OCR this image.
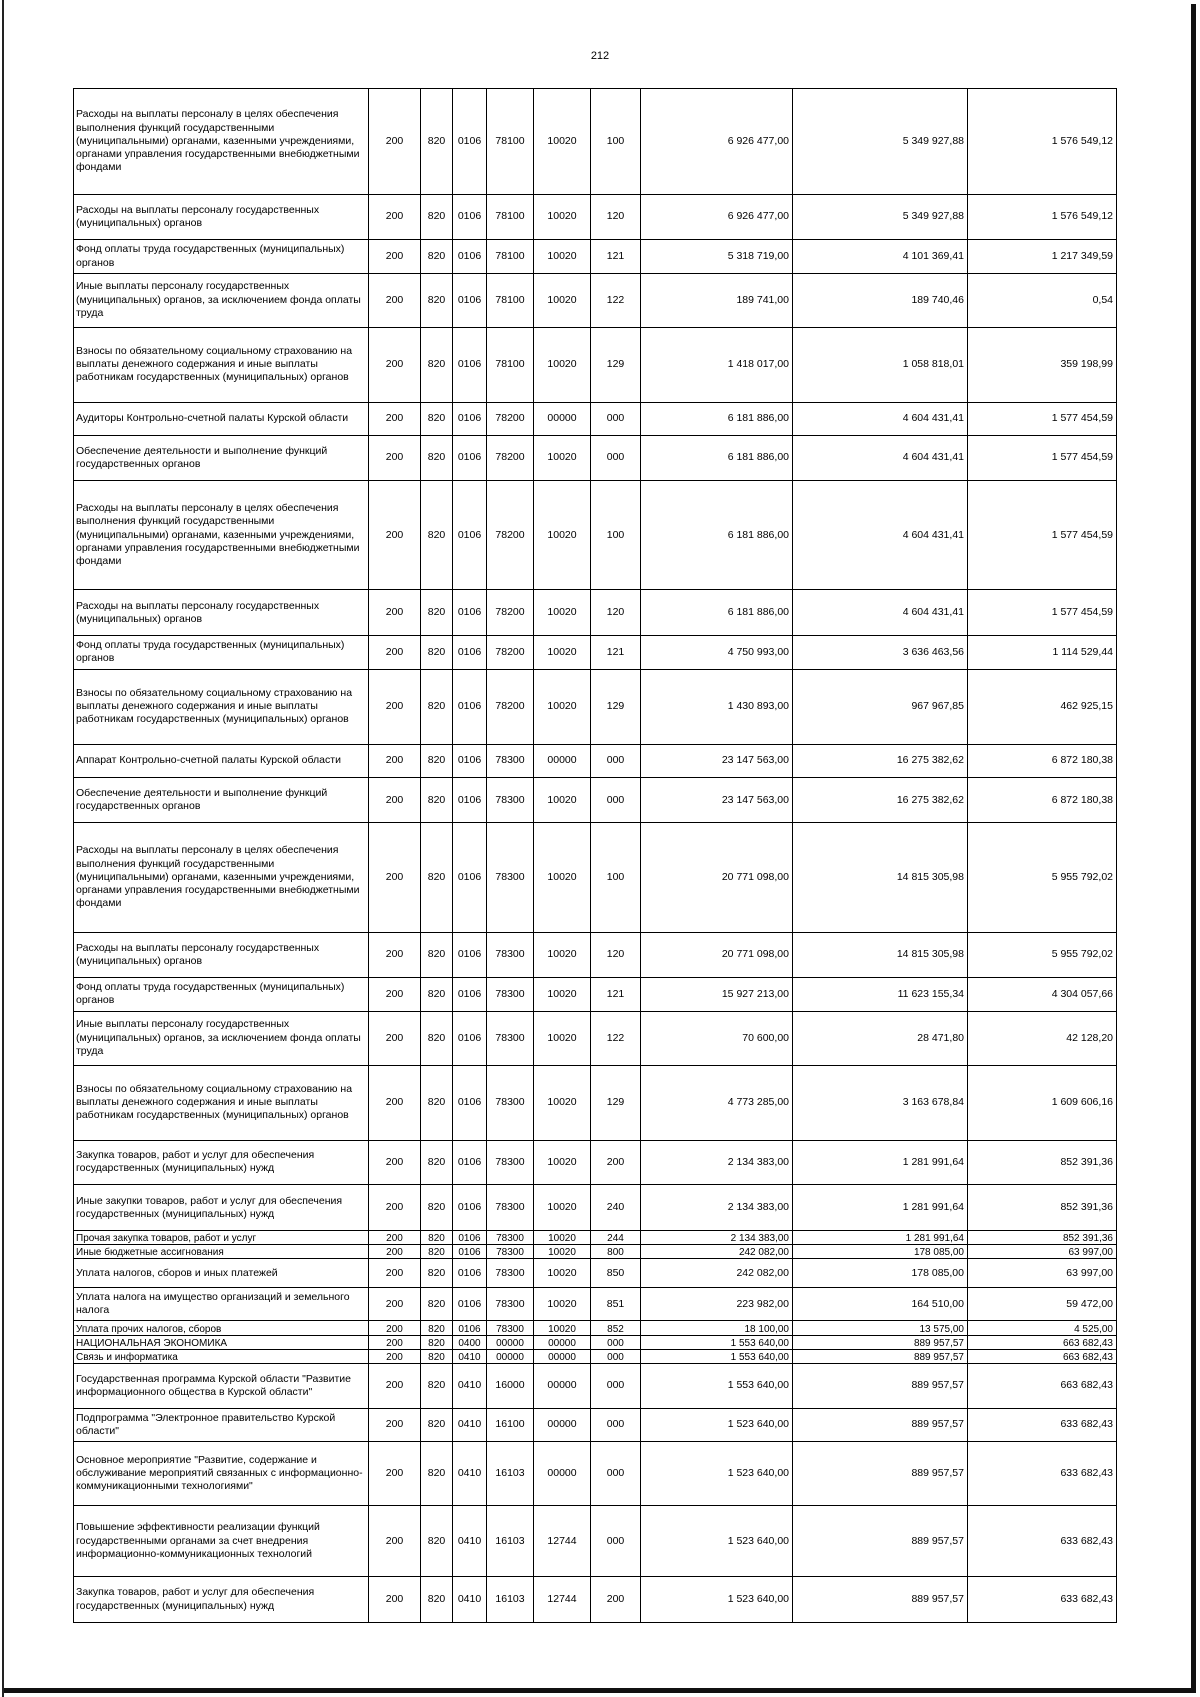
212
Расходы на выплаты персоналу в целях обеспечения выполнения функций государственными (муниципальными) органами, казенными учреждениями, органами управления государственными внебюджетными фондами	200	820	0106	78100	10020	100	6 926 477,00	5 349 927,88	1 576 549,12
Расходы на выплаты персоналу государственных (муниципальных) органов	200	820	0106	78100	10020	120	6 926 477,00	5 349 927,88	1 576 549,12
Фонд оплаты труда государственных (муниципальных) органов	200	820	0106	78100	10020	121	5 318 719,00	4 101 369,41	1 217 349,59
Иные выплаты персоналу государственных (муниципальных) органов, за исключением фонда оплаты труда	200	820	0106	78100	10020	122	189 741,00	189 740,46	0,54
Взносы по обязательному социальному страхованию на выплаты денежного содержания и иные выплаты работникам государственных (муниципальных) органов	200	820	0106	78100	10020	129	1 418 017,00	1 058 818,01	359 198,99
Аудиторы Контрольно-счетной палаты Курской области	200	820	0106	78200	00000	000	6 181 886,00	4 604 431,41	1 577 454,59
Обеспечение деятельности и выполнение функций государственных органов	200	820	0106	78200	10020	000	6 181 886,00	4 604 431,41	1 577 454,59
Расходы на выплаты персоналу в целях обеспечения выполнения функций государственными (муниципальными) органами, казенными учреждениями, органами управления государственными внебюджетными фондами	200	820	0106	78200	10020	100	6 181 886,00	4 604 431,41	1 577 454,59
Расходы на выплаты персоналу государственных (муниципальных) органов	200	820	0106	78200	10020	120	6 181 886,00	4 604 431,41	1 577 454,59
Фонд оплаты труда государственных (муниципальных) органов	200	820	0106	78200	10020	121	4 750 993,00	3 636 463,56	1 114 529,44
Взносы по обязательному социальному страхованию на выплаты денежного содержания и иные выплаты работникам государственных (муниципальных) органов	200	820	0106	78200	10020	129	1 430 893,00	967 967,85	462 925,15
Аппарат Контрольно-счетной палаты Курской области	200	820	0106	78300	00000	000	23 147 563,00	16 275 382,62	6 872 180,38
Обеспечение деятельности и выполнение функций государственных органов	200	820	0106	78300	10020	000	23 147 563,00	16 275 382,62	6 872 180,38
Расходы на выплаты персоналу в целях обеспечения выполнения функций государственными (муниципальными) органами, казенными учреждениями, органами управления государственными внебюджетными фондами	200	820	0106	78300	10020	100	20 771 098,00	14 815 305,98	5 955 792,02
Расходы на выплаты персоналу государственных (муниципальных) органов	200	820	0106	78300	10020	120	20 771 098,00	14 815 305,98	5 955 792,02
Фонд оплаты труда государственных (муниципальных) органов	200	820	0106	78300	10020	121	15 927 213,00	11 623 155,34	4 304 057,66
Иные выплаты персоналу государственных (муниципальных) органов, за исключением фонда оплаты труда	200	820	0106	78300	10020	122	70 600,00	28 471,80	42 128,20
Взносы по обязательному социальному страхованию на выплаты денежного содержания и иные выплаты работникам государственных (муниципальных) органов	200	820	0106	78300	10020	129	4 773 285,00	3 163 678,84	1 609 606,16
Закупка товаров, работ и услуг для обеспечения государственных (муниципальных) нужд	200	820	0106	78300	10020	200	2 134 383,00	1 281 991,64	852 391,36
Иные закупки товаров, работ и услуг для обеспечения государственных (муниципальных) нужд	200	820	0106	78300	10020	240	2 134 383,00	1 281 991,64	852 391,36
Прочая закупка товаров, работ и услуг	200	820	0106	78300	10020	244	2 134 383,00	1 281 991,64	852 391,36
Иные бюджетные ассигнования	200	820	0106	78300	10020	800	242 082,00	178 085,00	63 997,00
Уплата налогов, сборов и иных платежей	200	820	0106	78300	10020	850	242 082,00	178 085,00	63 997,00
Уплата налога на имущество организаций и земельного налога	200	820	0106	78300	10020	851	223 982,00	164 510,00	59 472,00
Уплата прочих налогов, сборов	200	820	0106	78300	10020	852	18 100,00	13 575,00	4 525,00
НАЦИОНАЛЬНАЯ ЭКОНОМИКА	200	820	0400	00000	00000	000	1 553 640,00	889 957,57	663 682,43
Связь и информатика	200	820	0410	00000	00000	000	1 553 640,00	889 957,57	663 682,43
Государственная программа Курской области "Развитие информационного общества в Курской области"	200	820	0410	16000	00000	000	1 553 640,00	889 957,57	663 682,43
Подпрограмма "Электронное правительство Курской области"	200	820	0410	16100	00000	000	1 523 640,00	889 957,57	633 682,43
Основное мероприятие "Развитие, содержание и обслуживание мероприятий связанных с информационно-коммуникационными технологиями"	200	820	0410	16103	00000	000	1 523 640,00	889 957,57	633 682,43
Повышение эффективности реализации функций государственными органами за счет внедрения информационно-коммуникационных технологий	200	820	0410	16103	12744	000	1 523 640,00	889 957,57	633 682,43
Закупка товаров, работ и услуг для обеспечения государственных (муниципальных) нужд	200	820	0410	16103	12744	200	1 523 640,00	889 957,57	633 682,43
